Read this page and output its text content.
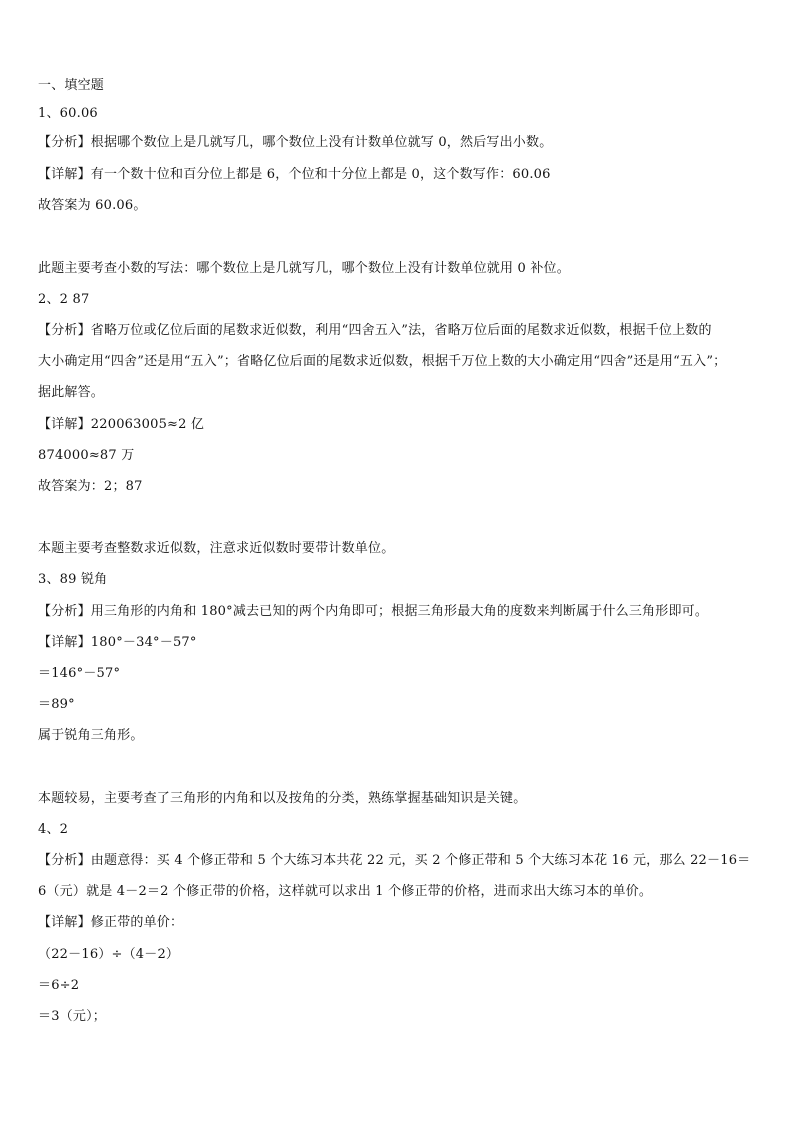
一、填空题
1、60.06
【分析】根据哪个数位上是几就写几，哪个数位上没有计数单位就写 0，然后写出小数。
【详解】有一个数十位和百分位上都是 6，个位和十分位上都是 0，这个数写作：60.06
故答案为 60.06。
此题主要考查小数的写法：哪个数位上是几就写几，哪个数位上没有计数单位就用 0 补位。
2、2 87
【分析】省略万位或亿位后面的尾数求近似数，利用“四舍五入”法，省略万位后面的尾数求近似数，根据千位上数的
大小确定用“四舍”还是用“五入”；省略亿位后面的尾数求近似数，根据千万位上数的大小确定用“四舍”还是用“五入”；
据此解答。
【详解】220063005≈2 亿
874000≈87 万
故答案为：2；87
本题主要考查整数求近似数，注意求近似数时要带计数单位。
3、89 锐角
【分析】用三角形的内角和 180°减去已知的两个内角即可；根据三角形最大角的度数来判断属于什么三角形即可。
【详解】180°－34°－57°
＝146°－57°
＝89°
属于锐角三角形。
本题较易，主要考查了三角形的内角和以及按角的分类，熟练掌握基础知识是关键。
4、2
【分析】由题意得：买 4 个修正带和 5 个大练习本共花 22 元，买 2 个修正带和 5 个大练习本花 16 元，那么 22－16＝
6（元）就是 4－2＝2 个修正带的价格，这样就可以求出 1 个修正带的价格，进而求出大练习本的单价。
【详解】修正带的单价：
（22－16）÷（4－2）
＝6÷2
＝3（元）；
